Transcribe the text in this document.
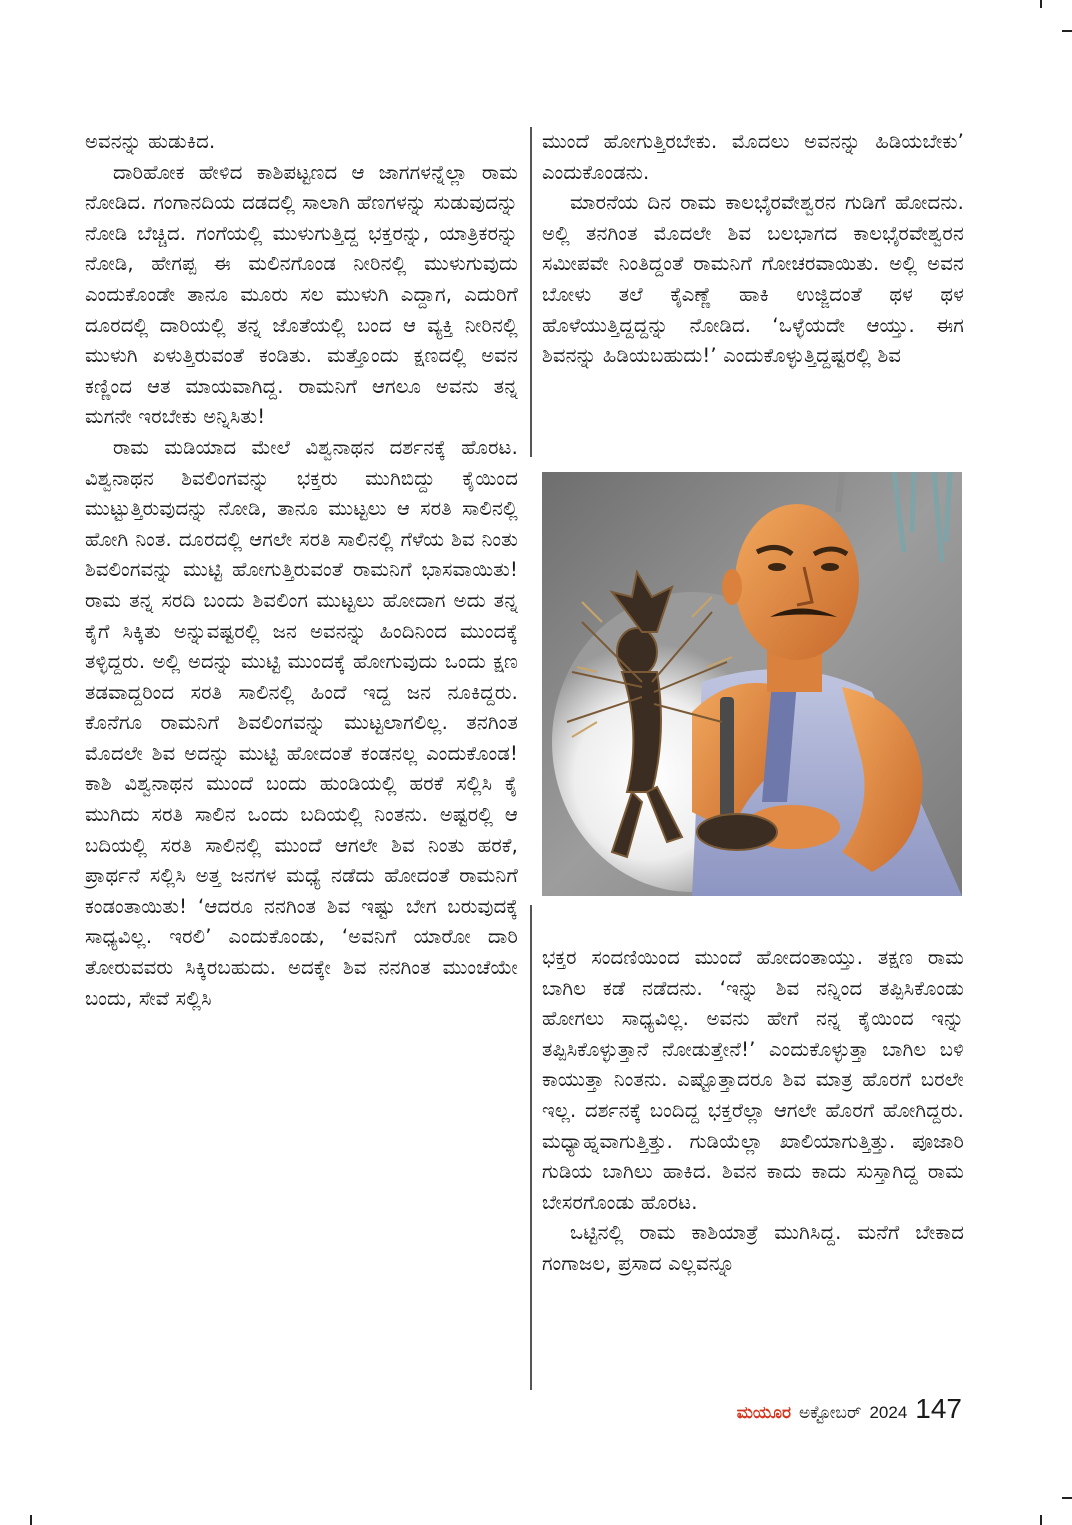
ಅವನನ್ನು ಹುಡುಕಿದ.

ದಾರಿಹೋಕ ಹೇಳಿದ ಕಾಶಿಪಟ್ಟಣದ ಆ ಜಾಗಗಳನ್ನೆಲ್ಲಾ ರಾಮ ನೋಡಿದ. ಗಂಗಾನದಿಯ ದಡದಲ್ಲಿ ಸಾಲಾಗಿ ಹೆಣಗಳನ್ನು ಸುಡುವುದನ್ನು ನೋಡಿ ಬೆಚ್ಚಿದ. ಗಂಗೆಯಲ್ಲಿ ಮುಳುಗುತ್ತಿದ್ದ ಭಕ್ತರನ್ನು, ಯಾತ್ರಿಕರನ್ನು ನೋಡಿ, ಹೇಗಪ್ಪ ಈ ಮಲಿನಗೊಂಡ ನೀರಿನಲ್ಲಿ ಮುಳುಗುವುದು ಎಂದುಕೊಂಡೇ ತಾನೂ ಮೂರು ಸಲ ಮುಳುಗಿ ಎದ್ದಾಗ, ಎದುರಿಗೆ ದೂರದಲ್ಲಿ ದಾರಿಯಲ್ಲಿ ತನ್ನ ಜೊತೆಯಲ್ಲಿ ಬಂದ ಆ ವ್ಯಕ್ತಿ ನೀರಿನಲ್ಲಿ ಮುಳುಗಿ ಏಳುತ್ತಿರುವಂತೆ ಕಂಡಿತು. ಮತ್ತೊಂದು ಕ್ಷಣದಲ್ಲಿ ಅವನ ಕಣ್ಣಿಂದ ಆತ ಮಾಯವಾಗಿದ್ದ. ರಾಮನಿಗೆ ಆಗಲೂ ಅವನು ತನ್ನ ಮಗನೇ ಇರಬೇಕು ಅನ್ನಿಸಿತು!

ರಾಮ ಮಡಿಯಾದ ಮೇಲೆ ವಿಶ್ವನಾಥನ ದರ್ಶನಕ್ಕೆ ಹೊರಟ. ವಿಶ್ವನಾಥನ ಶಿವಲಿಂಗವನ್ನು ಭಕ್ತರು ಮುಗಿಬಿದ್ದು ಕೈಯಿಂದ ಮುಟ್ಟುತ್ತಿರುವುದನ್ನು ನೋಡಿ, ತಾನೂ ಮುಟ್ಟಲು ಆ ಸರತಿ ಸಾಲಿನಲ್ಲಿ ಹೋಗಿ ನಿಂತ. ದೂರದಲ್ಲಿ ಆಗಲೇ ಸರತಿ ಸಾಲಿನಲ್ಲಿ ಗೆಳೆಯ ಶಿವ ನಿಂತು ಶಿವಲಿಂಗವನ್ನು ಮುಟ್ಟಿ ಹೋಗುತ್ತಿರುವಂತೆ ರಾಮನಿಗೆ ಭಾಸವಾಯಿತು! ರಾಮ ತನ್ನ ಸರದಿ ಬಂದು ಶಿವಲಿಂಗ ಮುಟ್ಟಲು ಹೋದಾಗ ಅದು ತನ್ನ ಕೈಗೆ ಸಿಕ್ಕಿತು ಅನ್ನುವಷ್ಟರಲ್ಲಿ ಜನ ಅವನನ್ನು ಹಿಂದಿನಿಂದ ಮುಂದಕ್ಕೆ ತಳ್ಳಿದ್ದರು. ಅಲ್ಲಿ ಅದನ್ನು ಮುಟ್ಟಿ ಮುಂದಕ್ಕೆ ಹೋಗುವುದು ಒಂದು ಕ್ಷಣ ತಡವಾದ್ದರಿಂದ ಸರತಿ ಸಾಲಿನಲ್ಲಿ ಹಿಂದೆ ಇದ್ದ ಜನ ನೂಕಿದ್ದರು. ಕೊನೆಗೂ ರಾಮನಿಗೆ ಶಿವಲಿಂಗವನ್ನು ಮುಟ್ಟಲಾಗಲಿಲ್ಲ. ತನಗಿಂತ ಮೊದಲೇ ಶಿವ ಅದನ್ನು ಮುಟ್ಟಿ ಹೋದಂತೆ ಕಂಡನಲ್ಲ ಎಂದುಕೊಂಡ! ಕಾಶಿ ವಿಶ್ವನಾಥನ ಮುಂದೆ ಬಂದು ಹುಂಡಿಯಲ್ಲಿ ಹರಕೆ ಸಲ್ಲಿಸಿ ಕೈ ಮುಗಿದು ಸರತಿ ಸಾಲಿನ ಒಂದು ಬದಿಯಲ್ಲಿ ನಿಂತನು. ಅಷ್ಟರಲ್ಲಿ ಆ ಬದಿಯಲ್ಲಿ ಸರತಿ ಸಾಲಿನಲ್ಲಿ ಮುಂದೆ ಆಗಲೇ ಶಿವ ನಿಂತು ಹರಕೆ, ಪ್ರಾರ್ಥನೆ ಸಲ್ಲಿಸಿ ಅತ್ತ ಜನಗಳ ಮಧ್ಯೆ ನಡೆದು ಹೋದಂತೆ ರಾಮನಿಗೆ ಕಂಡಂತಾಯಿತು! ‘ಆದರೂ ನನಗಿಂತ ಶಿವ ಇಷ್ಟು ಬೇಗ ಬರುವುದಕ್ಕೆ ಸಾಧ್ಯವಿಲ್ಲ. ಇರಲಿ’ ಎಂದುಕೊಂಡು, ‘ಅವನಿಗೆ ಯಾರೋ ದಾರಿ ತೋರುವವರು ಸಿಕ್ಕಿರಬಹುದು. ಅದಕ್ಕೇ ಶಿವ ನನಗಿಂತ ಮುಂಚೆಯೇ ಬಂದು, ಸೇವೆ ಸಲ್ಲಿಸಿ

ಮುಂದೆ ಹೋಗುತ್ತಿರಬೇಕು. ಮೊದಲು ಅವನನ್ನು ಹಿಡಿಯಬೇಕು’ ಎಂದುಕೊಂಡನು.

ಮಾರನೆಯ ದಿನ ರಾಮ ಕಾಲಭೈರವೇಶ್ವರನ ಗುಡಿಗೆ ಹೋದನು. ಅಲ್ಲಿ ತನಗಿಂತ ಮೊದಲೇ ಶಿವ ಬಲಭಾಗದ ಕಾಲಭೈರವೇಶ್ವರನ ಸಮೀಪವೇ ನಿಂತಿದ್ದಂತೆ ರಾಮನಿಗೆ ಗೋಚರವಾಯಿತು. ಅಲ್ಲಿ ಅವನ ಬೋಳು ತಲೆ ಕೈಎಣ್ಣೆ ಹಾಕಿ ಉಜ್ಜಿದಂತೆ ಥಳ ಥಳ ಹೊಳೆಯುತ್ತಿದ್ದದ್ದನ್ನು ನೋಡಿದ. ‘ಒಳ್ಳೆಯದೇ ಆಯ್ತು. ಈಗ ಶಿವನನ್ನು ಹಿಡಿಯಬಹುದು!’ ಎಂದುಕೊಳ್ಳುತ್ತಿದ್ದಷ್ಟರಲ್ಲಿ ಶಿವ

ಭಕ್ತರ ಸಂದಣಿಯಿಂದ ಮುಂದೆ ಹೋದಂತಾಯ್ತು. ತಕ್ಷಣ ರಾಮ ಬಾಗಿಲ ಕಡೆ ನಡೆದನು. ‘ಇನ್ನು ಶಿವ ನನ್ನಿಂದ ತಪ್ಪಿಸಿಕೊಂಡು ಹೋಗಲು ಸಾಧ್ಯವಿಲ್ಲ. ಅವನು ಹೇಗೆ ನನ್ನ ಕೈಯಿಂದ ಇನ್ನು ತಪ್ಪಿಸಿಕೊಳ್ಳುತ್ತಾನೆ ನೋಡುತ್ತೇನೆ!’ ಎಂದುಕೊಳ್ಳುತ್ತಾ ಬಾಗಿಲ ಬಳಿ ಕಾಯುತ್ತಾ ನಿಂತನು. ಎಷ್ಟೊತ್ತಾದರೂ ಶಿವ ಮಾತ್ರ ಹೊರಗೆ ಬರಲೇ ಇಲ್ಲ. ದರ್ಶನಕ್ಕೆ ಬಂದಿದ್ದ ಭಕ್ತರೆಲ್ಲಾ ಆಗಲೇ ಹೊರಗೆ ಹೋಗಿದ್ದರು. ಮಧ್ಯಾಹ್ನವಾಗುತ್ತಿತ್ತು. ಗುಡಿಯೆಲ್ಲಾ ಖಾಲಿಯಾಗುತ್ತಿತ್ತು. ಪೂಜಾರಿ ಗುಡಿಯ ಬಾಗಿಲು ಹಾಕಿದ. ಶಿವನ ಕಾದು ಕಾದು ಸುಸ್ತಾಗಿದ್ದ ರಾಮ ಬೇಸರಗೊಂಡು ಹೊರಟ.

ಒಟ್ಟಿನಲ್ಲಿ ರಾಮ ಕಾಶಿಯಾತ್ರೆ ಮುಗಿಸಿದ್ದ. ಮನೆಗೆ ಬೇಕಾದ ಗಂಗಾಜಲ, ಪ್ರಸಾದ ಎಲ್ಲವನ್ನೂ

ಮಯೂರ ಅಕ್ಟೋಬರ್ 2024 147
